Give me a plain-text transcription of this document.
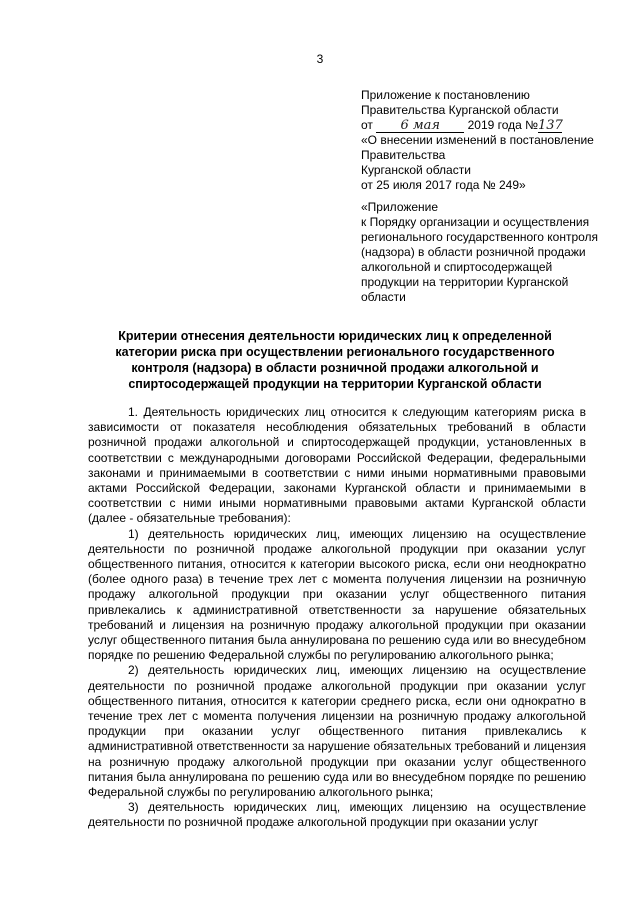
3
Приложение к постановлению
Правительства Курганской области
от 6 мая 2019 года №137
«О внесении изменений в постановление
Правительства
Курганской области
от 25 июля 2017 года № 249»
«Приложение
к Порядку организации и осуществления
регионального государственного контроля
(надзора) в области розничной продажи
алкогольной и спиртосодержащей
продукции на территории Курганской
области
Критерии отнесения деятельности юридических лиц к определенной категории риска при осуществлении регионального государственного контроля (надзора) в области розничной продажи алкогольной и спиртосодержащей продукции на территории Курганской области

1. Деятельность юридических лиц относится к следующим категориям риска в зависимости от показателя несоблюдения обязательных требований в области розничной продажи алкогольной и спиртосодержащей продукции, установленных в соответствии с международными договорами Российской Федерации, федеральными законами и принимаемыми в соответствии с ними иными нормативными правовыми актами Российской Федерации, законами Курганской области и принимаемыми в соответствии с ними иными нормативными правовыми актами Курганской области (далее - обязательные требования):

1) деятельность юридических лиц, имеющих лицензию на осуществление деятельности по розничной продаже алкогольной продукции при оказании услуг общественного питания, относится к категории высокого риска, если они неоднократно (более одного раза) в течение трех лет с момента получения лицензии на розничную продажу алкогольной продукции при оказании услуг общественного питания привлекались к административной ответственности за нарушение обязательных требований и лицензия на розничную продажу алкогольной продукции при оказании услуг общественного питания была аннулирована по решению суда или во внесудебном порядке по решению Федеральной службы по регулированию алкогольного рынка;

2) деятельность юридических лиц, имеющих лицензию на осуществление деятельности по розничной продаже алкогольной продукции при оказании услуг общественного питания, относится к категории среднего риска, если они однократно в течение трех лет с момента получения лицензии на розничную продажу алкогольной продукции при оказании услуг общественного питания привлекались к административной ответственности за нарушение обязательных требований и лицензия на розничную продажу алкогольной продукции при оказании услуг общественного питания была аннулирована по решению суда или во внесудебном порядке по решению Федеральной службы по регулированию алкогольного рынка;

3) деятельность юридических лиц, имеющих лицензию на осуществление деятельности по розничной продаже алкогольной продукции при оказании услуг
